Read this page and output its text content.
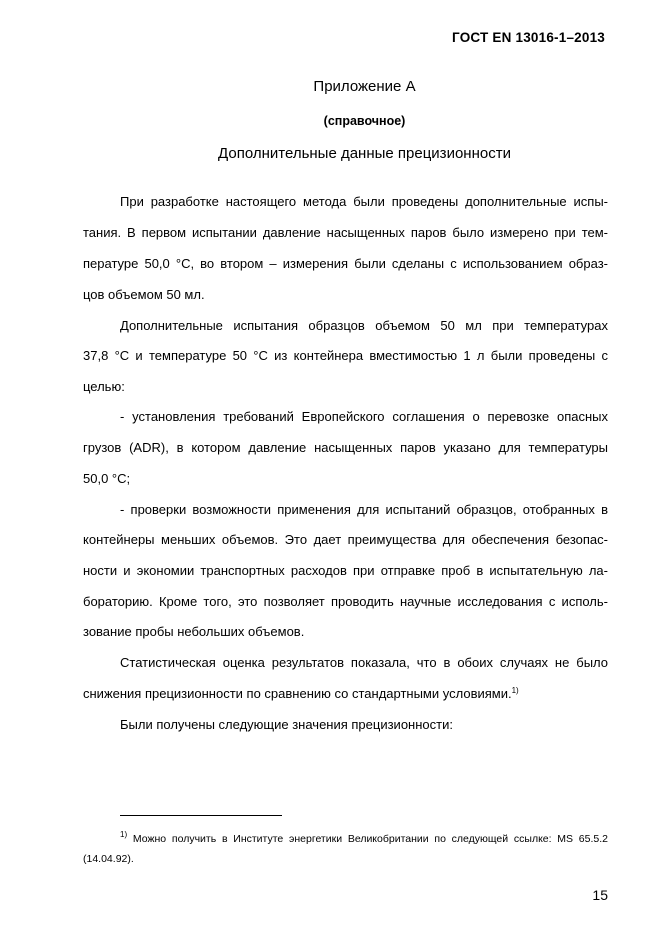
ГОСТ EN 13016-1–2013
Приложение А
(справочное)
Дополнительные данные прецизионности
При разработке настоящего метода были проведены дополнительные испы-
тания. В первом испытании давление насыщенных паров было измерено при тем-
пературе 50,0 °С, во втором – измерения были сделаны с использованием образ-
цов объемом 50 мл.
Дополнительные испытания образцов объемом 50 мл при температурах
37,8 °С и температуре 50 °С из контейнера вместимостью 1 л были проведены с
целью:
- установления требований Европейского соглашения о перевозке опасных
грузов (ADR), в котором давление насыщенных паров указано для температуры
50,0 °С;
- проверки возможности применения для испытаний образцов, отобранных в
контейнеры меньших объемов. Это дает преимущества для обеспечения безопас-
ности и экономии транспортных расходов при отправке проб в испытательную ла-
бораторию. Кроме того, это позволяет проводить научные исследования с исполь-
зование пробы небольших объемов.
Статистическая оценка результатов показала, что в обоих случаях не было
снижения прецизионности по сравнению со стандартными условиями.$^{1)}$
Были получены следующие значения прецизионности:
$^{1)}$ Можно получить в Институте энергетики Великобритании по следующей ссылке: MS 65.5.2
(14.04.92).
15
